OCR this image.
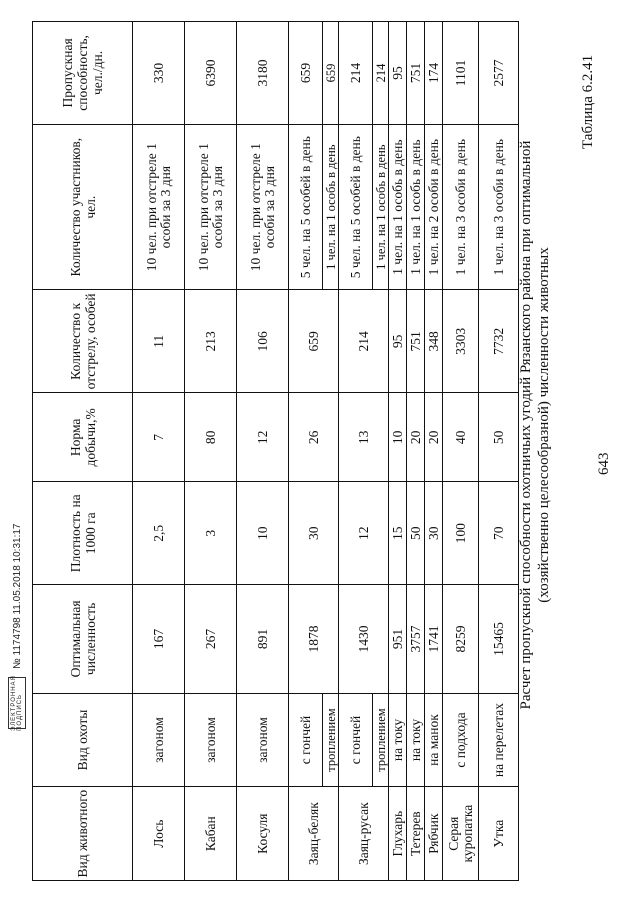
643
Таблица 6.2.41
Расчет пропускной способности охотничьих угодий Рязанского района при оптимальной (хозяйственно целесообразной) численности животных
Вид животного	Вид охоты	Оптимальная численность	Плотность на 1000 га	Норма добычи,%	Количество к отстрелу, особей	Количество участников, чел.	Пропускная способность, чел./дн.
Лось	загоном	167	2,5	7	11	10 чел. при отстреле 1 особи за 3 дня	330
Кабан	загоном	267	3	80	213	10 чел. при отстреле 1 особи за 3 дня	6390
Косуля	загоном	891	10	12	106	10 чел. при отстреле 1 особи за 3 дня	3180
Заяц-беляк	с гончей	1878	30	26	659	5 чел. на 5 особей в день	659
	троплением					1 чел. на 1 особь в день	659
Заяц-русак	с гончей	1430	12	13	214	5 чел. на 5 особей в день	214
	троплением					1 чел. на 1 особь в день	214
Глухарь	на току	951	15	10	95	1 чел. на 1 особь в день	95
Тетерев	на току	3757	50	20	751	1 чел. на 1 особь в день	751
Рябчик	на манок	1741	30	20	348	1 чел. на 2 особи в день	174
Серая куропатка	с подхода	8259	100	40	3303	1 чел. на 3 особи в день	1101
Утка	на перелетах	15465	70	50	7732	1 чел. на 3 особи в день	2577
ЭЛЕКТРОННАЯ ПОДПИСЬ
№ 1174798 11.05.2018 10:31:17
